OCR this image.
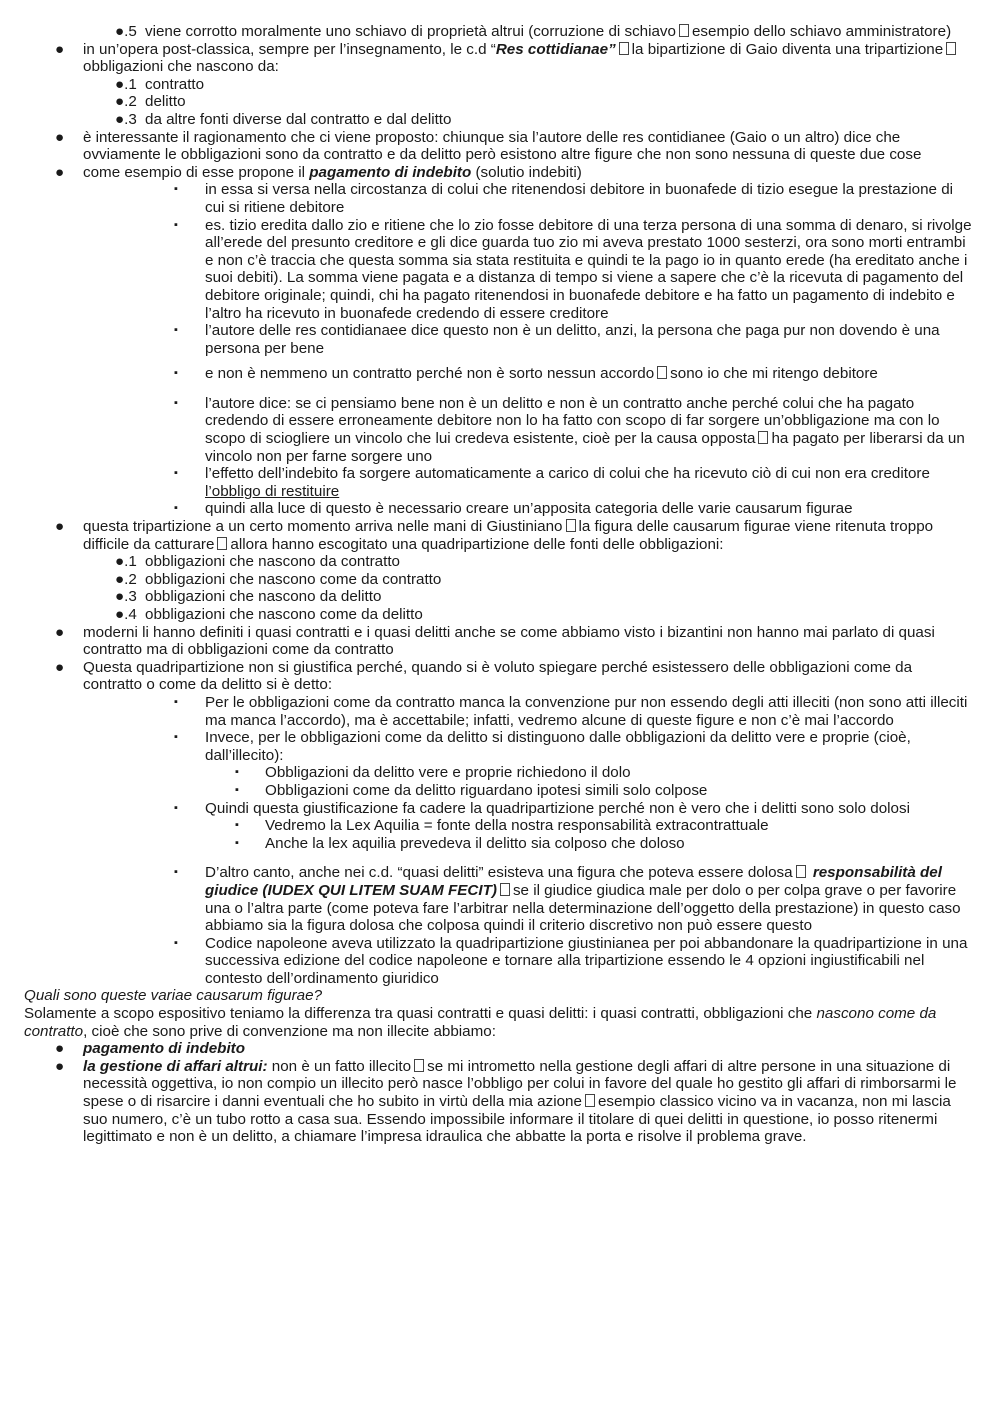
●.5 viene corrotto moralmente uno schiavo di proprietà altrui (corruzione di schiavo esempio dello schiavo amministratore)
● in un’opera post-classica, sempre per l’insegnamento, le c.d “Res cottidianae” la bipartizione di Gaio diventa una tripartizioneobbligazioni che nascono da:
●.1 contratto
●.2 delitto
●.3 da altre fonti diverse dal contratto e dal delitto
● è interessante il ragionamento che ci viene proposto: chiunque sia l’autore delle res contidianee (Gaio o un altro) dice che ovviamente le obbligazioni sono da contratto e da delitto però esistono altre figure che non sono nessuna di queste due cose
● come esempio di esse propone il pagamento di indebito (solutio indebiti)
▪ in essa si versa nella circostanza di colui che ritenendosi debitore in buonafede di tizio esegue la prestazione di cui si ritiene debitore
▪ es. tizio eredita dallo zio e ritiene che lo zio fosse debitore di una terza persona di una somma di denaro, si rivolge all’erede del presunto creditore e gli dice guarda tuo zio mi aveva prestato 1000 sesterzi, ora sono morti entrambi e non c’è traccia che questa somma sia stata restituita e quindi te la pago io in quanto erede (ha ereditato anche i suoi debiti). La somma viene pagata e a distanza di tempo si viene a sapere che c’è la ricevuta di pagamento del debitore originale; quindi, chi ha pagato ritenendosi in buonafede debitore e ha fatto un pagamento di indebito e l’altro ha ricevuto in buonafede credendo di essere creditore
▪ l’autore delle res contidianaee dice questo non è un delitto, anzi, la persona che paga pur non dovendo è una persona per bene
▪ e non è nemmeno un contratto perché non è sorto nessun accordo sono io che mi ritengo debitore
▪ l’autore dice: se ci pensiamo bene non è un delitto e non è un contratto anche perché colui che ha pagato credendo di essere erroneamente debitore non lo ha fatto con scopo di far sorgere un’obbligazione ma con lo scopo di sciogliere un vincolo che lui credeva esistente, cioè per la causa opposta ha pagato per liberarsi da un vincolo non per farne sorgere uno
▪ l’effetto dell’indebito fa sorgere automaticamente a carico di colui che ha ricevuto ciò di cui non era creditore l’obbligo di restituire
▪ quindi alla luce di questo è necessario creare un’apposita categoria delle varie causarum figurae
● questa tripartizione a un certo momento arriva nelle mani di Giustiniano la figura delle causarum figurae viene ritenuta troppo difficile da catturare allora hanno escogitato una quadripartizione delle fonti delle obbligazioni:
●.1 obbligazioni che nascono da contratto
●.2 obbligazioni che nascono come da contratto
●.3 obbligazioni che nascono da delitto
●.4 obbligazioni che nascono come da delitto
● moderni li hanno definiti i quasi contratti e i quasi delitti anche se come abbiamo visto i bizantini non hanno mai parlato di quasi contratto ma di obbligazioni come da contratto
● Questa quadripartizione non si giustifica perché, quando si è voluto spiegare perché esistessero delle obbligazioni come da contratto o come da delitto si è detto:
▪ Per le obbligazioni come da contratto manca la convenzione pur non essendo degli atti illeciti (non sono atti illeciti ma manca l’accordo), ma è accettabile; infatti, vedremo alcune di queste figure e non c’è mai l’accordo
▪ Invece, per le obbligazioni come da delitto si distinguono dalle obbligazioni da delitto vere e proprie (cioè, dall’illecito):
▪ Obbligazioni da delitto vere e proprie richiedono il dolo
▪ Obbligazioni come da delitto riguardano ipotesi simili solo colpose
▪ Quindi questa giustificazione fa cadere la quadripartizione perché non è vero che i delitti sono solo dolosi
▪ Vedremo la Lex Aquilia = fonte della nostra responsabilità extracontrattuale
▪ Anche la lex aquilia prevedeva il delitto sia colposo che doloso
▪ D’altro canto, anche nei c.d. “quasi delitti” esisteva una figura che poteva essere dolosa responsabilità del giudice (IUDEX QUI LITEM SUAM FECIT) se il giudice giudica male per dolo o per colpa grave o per favorire una o l’altra parte (come poteva fare l’arbitrar nella determinazione dell’oggetto della prestazione) in questo caso abbiamo sia la figura dolosa che colposa quindi il criterio discretivo non può essere questo
▪ Codice napoleone aveva utilizzato la quadripartizione giustinianea per poi abbandonare la quadripartizione in una successiva edizione del codice napoleone e tornare alla tripartizione essendo le 4 opzioni ingiustificabili nel contesto dell’ordinamento giuridico
Quali sono queste variae causarum figurae?
Solamente a scopo espositivo teniamo la differenza tra quasi contratti e quasi delitti: i quasi contratti, obbligazioni che nascono come da contratto, cioè che sono prive di convenzione ma non illecite abbiamo:
● pagamento di indebito
● la gestione di affari altrui: non è un fatto illecito se mi intrometto nella gestione degli affari di altre persone in una situazione di necessità oggettiva, io non compio un illecito però nasce l’obbligo per colui in favore del quale ho gestito gli affari di rimborsarmi le spese o di risarcire i danni eventuali che ho subito in virtù della mia azione esempio classico vicino va in vacanza, non mi lascia suo numero, c’è un tubo rotto a casa sua. Essendo impossibile informare il titolare di quei delitti in questione, io posso ritenermi legittimato e non è un delitto, a chiamare l’impresa idraulica che abbatte la porta e risolve il problema grave.
